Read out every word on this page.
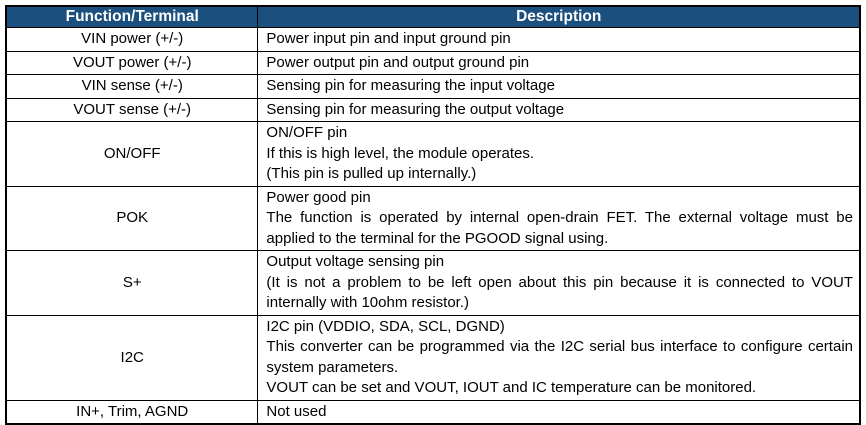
Function/Terminal	Description
VIN power (+/-)	Power input pin and input ground pin

VOUT power (+/-)	Power output pin and output ground pin

VIN sense (+/-)	Sensing pin for measuring the input voltage

VOUT sense (+/-)	Sensing pin for measuring the output voltage

ON/OFF	ON/OFF pin

If this is high level, the module operates.

(This pin is pulled up internally.)

POK	Power good pin

The function is operated by internal open-drain FET. The external voltage must be applied to the terminal for the PGOOD signal using.

S+	Output voltage sensing pin

(It is not a problem to be left open about this pin because it is connected to VOUT internally with 10ohm resistor.)

I2C	I2C pin (VDDIO, SDA, SCL, DGND)

This converter can be programmed via the I2C serial bus interface to configure certain system parameters.

VOUT can be set and VOUT, IOUT and IC temperature can be monitored.

IN+, Trim, AGND	Not used
